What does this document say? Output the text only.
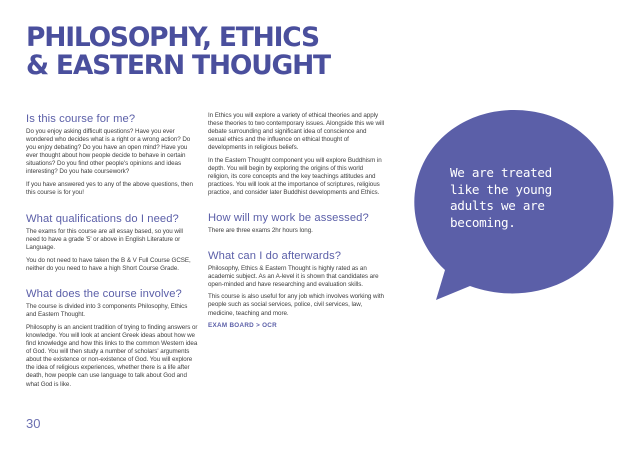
PHILOSOPHY, ETHICS
& EASTERN THOUGHT
Is this course for me?

Do you enjoy asking difficult questions? Have you ever wondered who decides what is a right or a wrong action? Do you enjoy debating? Do you have an open mind? Have you ever thought about how people decide to behave in certain situations? Do you find other people's opinions and ideas interesting? Do you hate coursework?

If you have answered yes to any of the above questions, then this course is for you!

What qualifications do I need?

The exams for this course are all essay based, so you will need to have a grade '5' or above in English Literature or Language.

You do not need to have taken the B & V Full Course GCSE, neither do you need to have a high Short Course Grade.

What does the course involve?

The course is divided into 3 components Philosophy, Ethics and Eastern Thought.

Philosophy is an ancient tradition of trying to finding answers or knowledge. You will look at ancient Greek ideas about how we find knowledge and how this links to the common Western idea of God. You will then study a number of scholars' arguments about the existence or non-existence of God. You will explore the idea of religious experiences, whether there is a life after death, how people can use language to talk about God and what God is like.

In Ethics you will explore a variety of ethical theories and apply these theories to two contemporary issues. Alongside this we will debate surrounding and significant idea of conscience and sexual ethics and the influence on ethical thought of developments in religious beliefs.

In the Eastern Thought component you will explore Buddhism in depth. You will begin by exploring the origins of this world religion, its core concepts and the key teachings attitudes and practices. You will look at the importance of scriptures, religious practice, and consider later Buddhist developments and Ethics.

How will my work be assessed?

There are three exams 2hr hours long.

What can I do afterwards?

Philosophy, Ethics & Eastern Thought is highly rated as an academic subject. As an A-level it is shown that candidates are open-minded and have researching and evaluation skills.

This course is also useful for any job which involves working with people such as social services, police, civil services, law, medicine, teaching and more.

EXAM BOARD > OCR
We are treated
like the young
adults we are
becoming.
30
